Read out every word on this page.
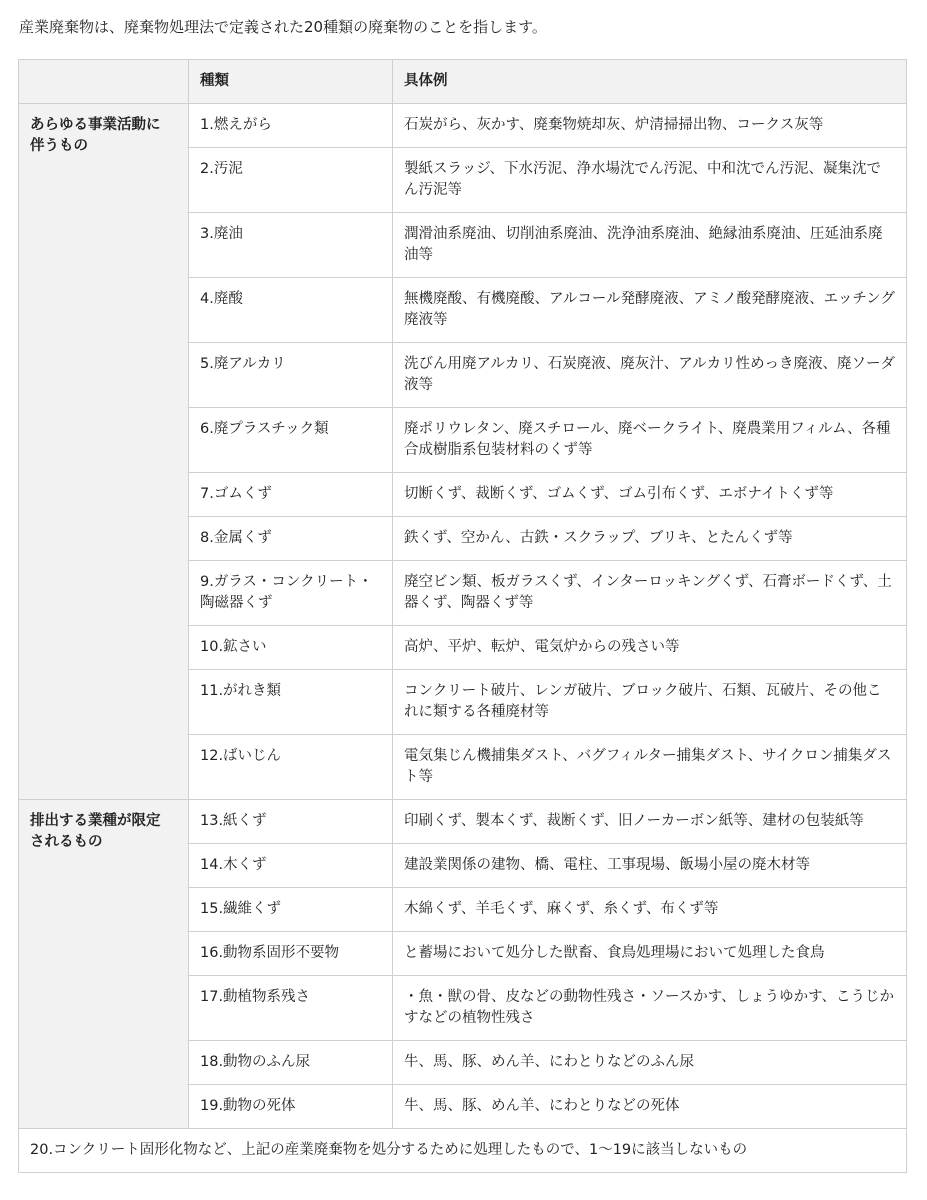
産業廃棄物は、廃棄物処理法で定義された20種類の廃棄物のことを指します。

	種類	具体例
あらゆる事業活動に伴うもの	1.燃えがら	石炭がら、灰かす、廃棄物焼却灰、炉清掃掃出物、コークス灰等
	2.汚泥	製紙スラッジ、下水汚泥、浄水場沈でん汚泥、中和沈でん汚泥、凝集沈でん汚泥等
	3.廃油	潤滑油系廃油、切削油系廃油、洗浄油系廃油、絶縁油系廃油、圧延油系廃油等
	4.廃酸	無機廃酸、有機廃酸、アルコール発酵廃液、アミノ酸発酵廃液、エッチング廃液等
	5.廃アルカリ	洗びん用廃アルカリ、石炭廃液、廃灰汁、アルカリ性めっき廃液、廃ソーダ液等
	6.廃プラスチック類	廃ポリウレタン、廃スチロール、廃ベークライト、廃農業用フィルム、各種合成樹脂系包装材料のくず等
	7.ゴムくず	切断くず、裁断くず、ゴムくず、ゴム引布くず、エボナイトくず等
	8.金属くず	鉄くず、空かん、古鉄・スクラップ、ブリキ、とたんくず等
	9.ガラス・コンクリート・陶磁器くず	廃空ビン類、板ガラスくず、インターロッキングくず、石膏ボードくず、土器くず、陶器くず等
	10.鉱さい	高炉、平炉、転炉、電気炉からの残さい等
	11.がれき類	コンクリート破片、レンガ破片、ブロック破片、石類、瓦破片、その他これに類する各種廃材等
	12.ばいじん	電気集じん機捕集ダスト、バグフィルター捕集ダスト、サイクロン捕集ダスト等
排出する業種が限定されるもの	13.紙くず	印刷くず、製本くず、裁断くず、旧ノーカーボン紙等、建材の包装紙等
	14.木くず	建設業関係の建物、橋、電柱、工事現場、飯場小屋の廃木材等
	15.繊維くず	木綿くず、羊毛くず、麻くず、糸くず、布くず等
	16.動物系固形不要物	と蓄場において処分した獣畜、食鳥処理場において処理した食鳥
	17.動植物系残さ	・魚・獣の骨、皮などの動物性残さ・ソースかす、しょうゆかす、こうじかすなどの植物性残さ
	18.動物のふん尿	牛、馬、豚、めん羊、にわとりなどのふん尿
	19.動物の死体	牛、馬、豚、めん羊、にわとりなどの死体
20.コンクリート固形化物など、上記の産業廃棄物を処分するために処理したもので、1〜19に該当しないもの		
